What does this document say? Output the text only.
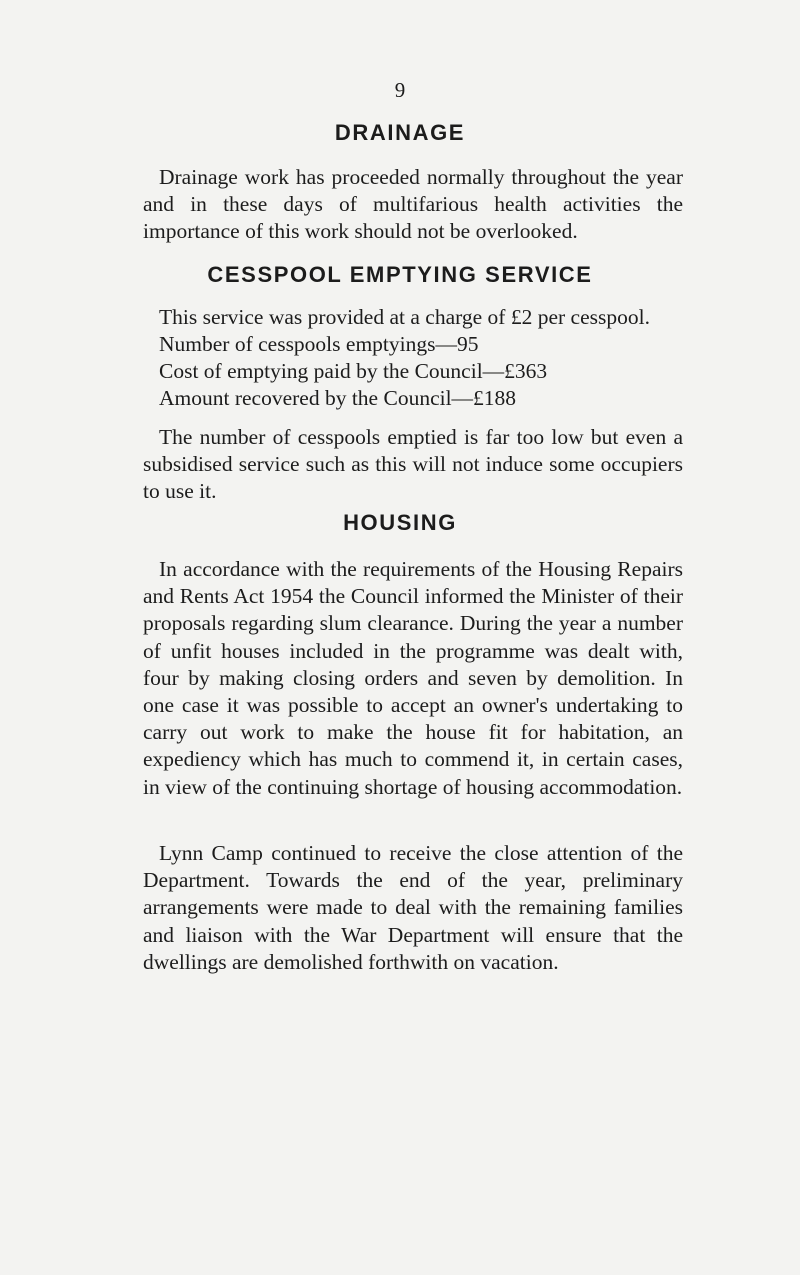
9
DRAINAGE

Drainage work has proceeded normally throughout the year and in these days of multifarious health activities the importance of this work should not be overlooked.

CESSPOOL EMPTYING SERVICE

This service was provided at a charge of £2 per cesspool.

Number of cesspools emptyings—95
Cost of emptying paid by the Council—£363
Amount recovered by the Council—£188

The number of cesspools emptied is far too low but even a subsidised service such as this will not induce some occupiers to use it.

HOUSING

In accordance with the requirements of the Housing Repairs and Rents Act 1954 the Council informed the Minister of their proposals regarding slum clearance. During the year a number of unfit houses included in the programme was dealt with, four by making closing orders and seven by demolition. In one case it was possible to accept an owner's undertaking to carry out work to make the house fit for habitation, an expediency which has much to commend it, in certain cases, in view of the continuing shortage of housing accommodation.

Lynn Camp continued to receive the close attention of the Department. Towards the end of the year, preliminary arrangements were made to deal with the remaining families and liaison with the War Department will ensure that the dwellings are demolished forthwith on vacation.
